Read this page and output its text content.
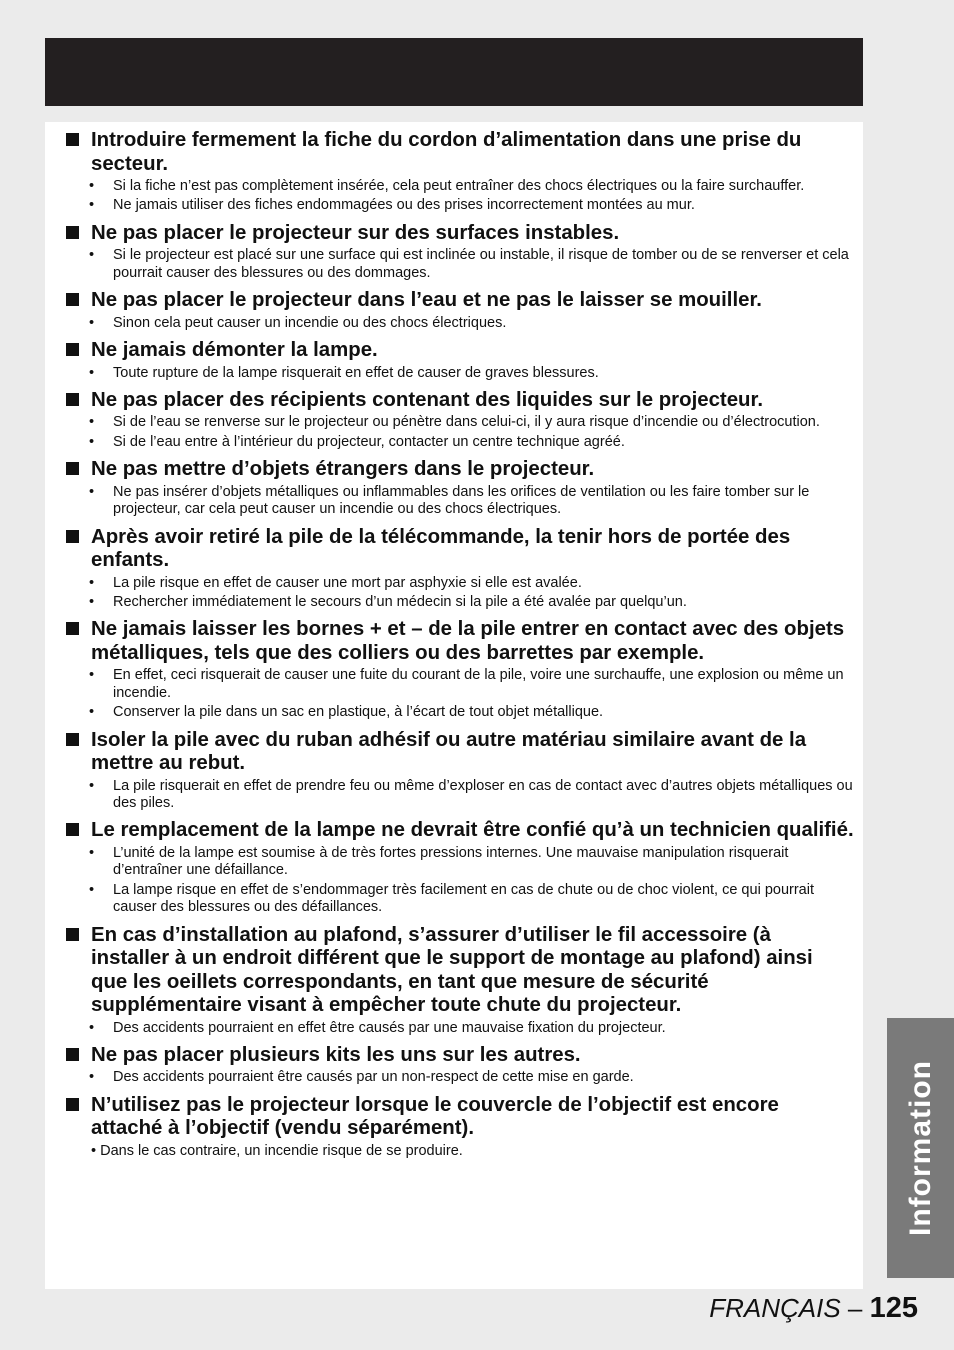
Introduire fermement la fiche du cordon d’alimentation dans une prise du secteur.
• Si la fiche n’est pas complètement insérée, cela peut entraîner des chocs électriques ou la faire surchauffer.
• Ne jamais utiliser des fiches endommagées ou des prises incorrectement montées au mur.
Ne pas placer le projecteur sur des surfaces instables.
• Si le projecteur est placé sur une surface qui est inclinée ou instable, il risque de tomber ou de se renverser et cela pourrait causer des blessures ou des dommages.
Ne pas placer le projecteur dans l’eau et ne pas le laisser se mouiller.
• Sinon cela peut causer un incendie ou des chocs électriques.
Ne jamais démonter la lampe.
• Toute rupture de la lampe risquerait en effet de causer de graves blessures.
Ne pas placer des récipients contenant des liquides sur le projecteur.
• Si de l’eau se renverse sur le projecteur ou pénètre dans celui-ci, il y aura risque d’incendie ou d’électrocution.
• Si de l’eau entre à l’intérieur du projecteur, contacter un centre technique agréé.
Ne pas mettre d’objets étrangers dans le projecteur.
• Ne pas insérer d’objets métalliques ou inflammables dans les orifices de ventilation ou les faire tomber sur le projecteur, car cela peut causer un incendie ou des chocs électriques.
Après avoir retiré la pile de la télécommande, la tenir hors de portée des enfants.
• La pile risque en effet de causer une mort par asphyxie si elle est avalée.
• Rechercher immédiatement le secours d’un médecin si la pile a été avalée par quelqu’un.
Ne jamais laisser les bornes + et – de la pile entrer en contact avec des objets métalliques, tels que des colliers ou des barrettes par exemple.
• En effet, ceci risquerait de causer une fuite du courant de la pile, voire une surchauffe, une explosion ou même un incendie.
• Conserver la pile dans un sac en plastique, à l’écart de tout objet métallique.
Isoler la pile avec du ruban adhésif ou autre matériau similaire avant de la mettre au rebut.
• La pile risquerait en effet de prendre feu ou même d’exploser en cas de contact avec d’autres objets métalliques ou des piles.
Le remplacement de la lampe ne devrait être confié qu’à un technicien qualifié.
• L’unité de la lampe est soumise à de très fortes pressions internes. Une mauvaise manipulation risquerait d’entraîner une défaillance.
• La lampe risque en effet de s’endommager très facilement en cas de chute ou de choc violent, ce qui pourrait causer des blessures ou des défaillances.
En cas d’installation au plafond, s’assurer d’utiliser le fil accessoire (à installer à un endroit différent que le support de montage au plafond) ainsi que les oeillets correspondants, en tant que mesure de sécurité supplémentaire visant à empêcher toute chute du projecteur.
• Des accidents pourraient en effet être causés par une mauvaise fixation du projecteur.
Ne pas placer plusieurs kits les uns sur les autres.
• Des accidents pourraient être causés par un non-respect de cette mise en garde.
N’utilisez pas le projecteur lorsque le couvercle de l’objectif est encore attaché à l’objectif (vendu séparément).
• Dans le cas contraire, un incendie risque de se produire.	Information
FRANÇAIS – 125
